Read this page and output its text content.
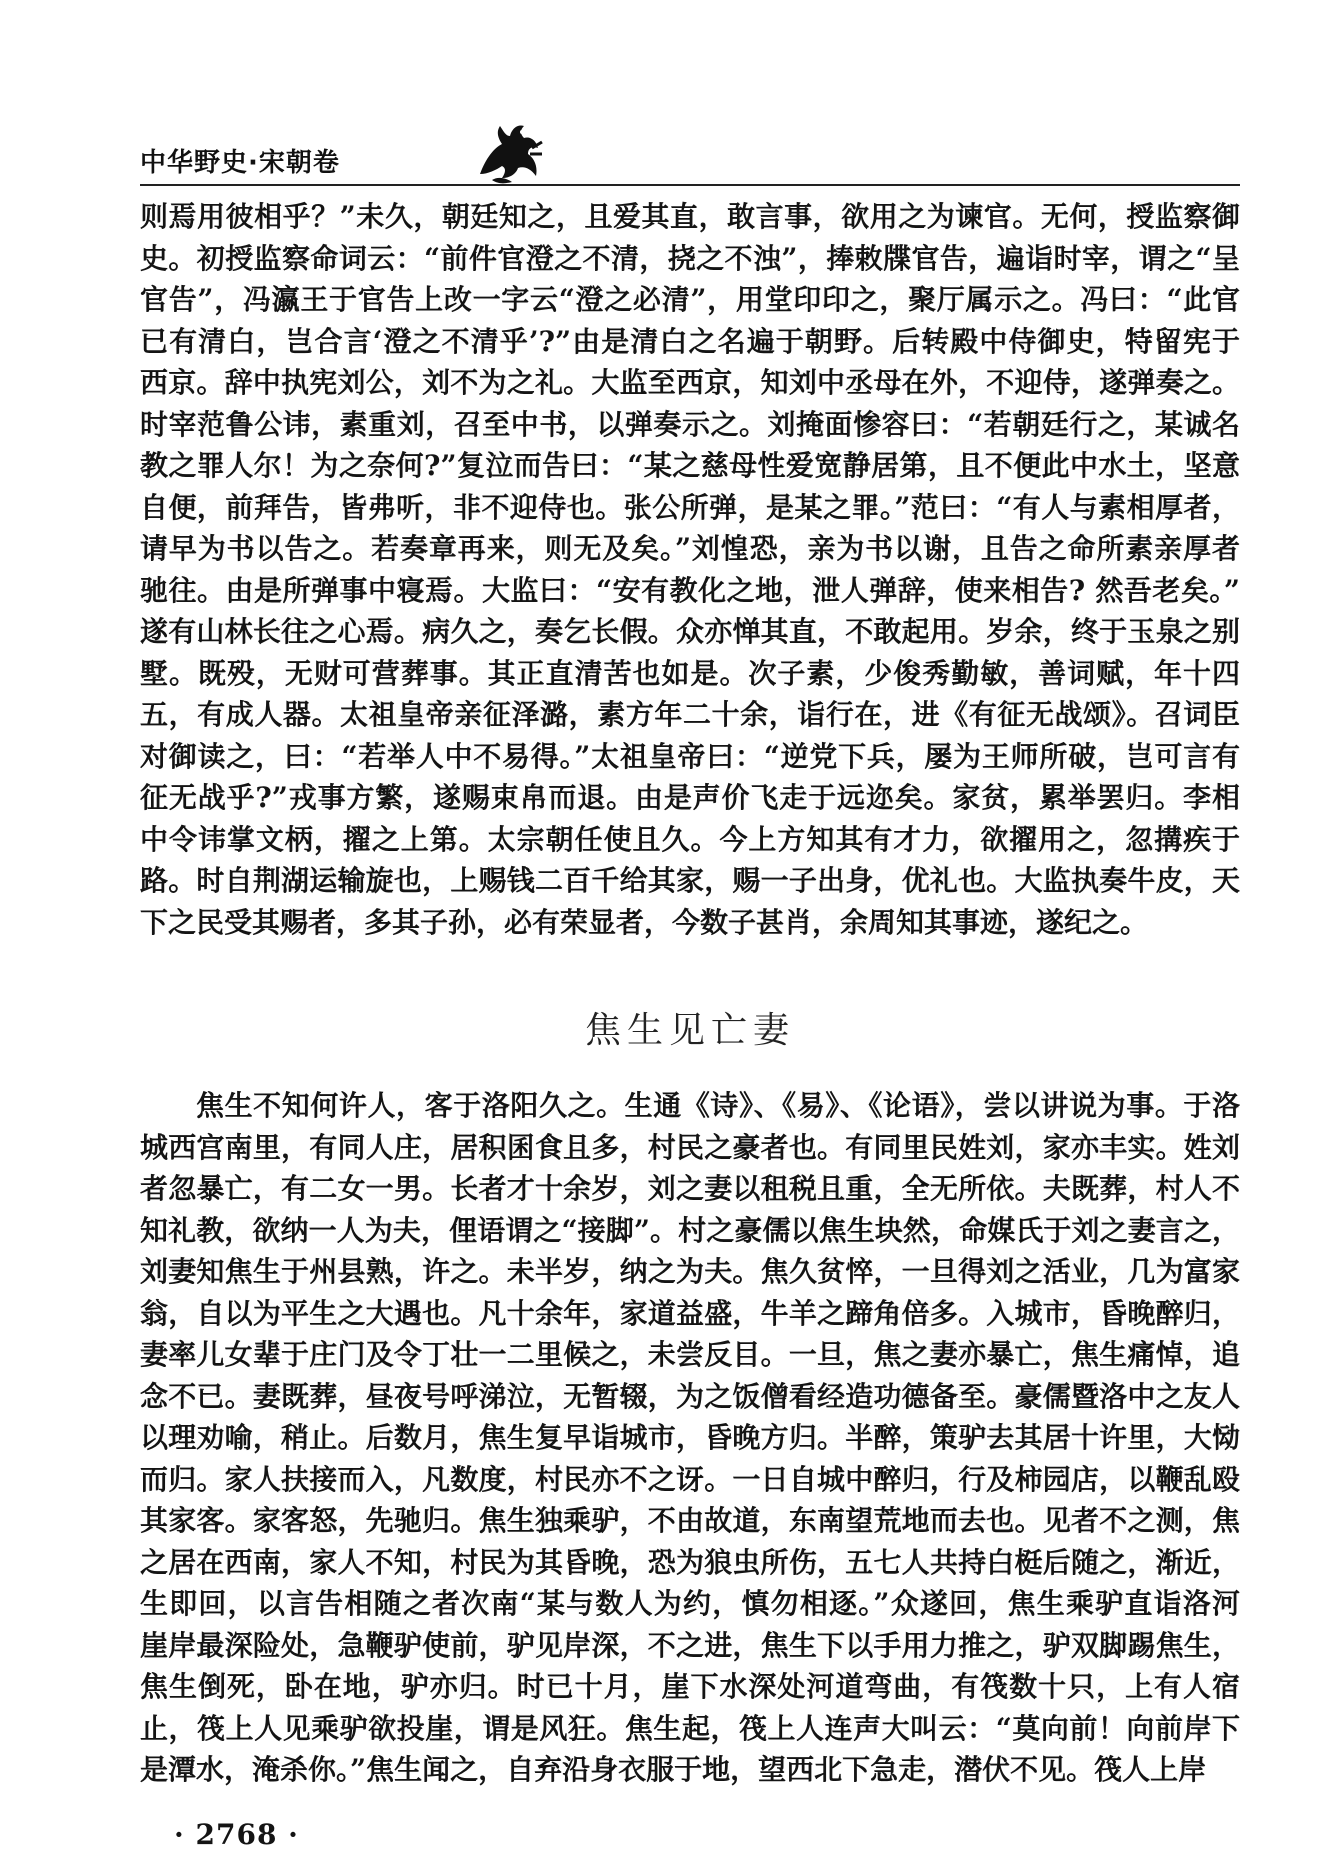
中华野史·宋朝卷
则焉用彼相乎？”未久，朝廷知之，且爱其直，敢言事，欲用之为谏官。无何，授监察御
史。初授监察命词云：“前件官澄之不清，挠之不浊”，捧敕牒官告，遍诣时宰，谓之“呈
官告”，冯瀛王于官告上改一字云“澄之必清”，用堂印印之，聚厅属示之。冯曰：“此官
已有清白，岂合言‘澄之不清乎’?”由是清白之名遍于朝野。后转殿中侍御史，特留宪于
西京。辞中执宪刘公，刘不为之礼。大监至西京，知刘中丞母在外，不迎侍，遂弹奏之。
时宰范鲁公讳，素重刘，召至中书，以弹奏示之。刘掩面惨容曰：“若朝廷行之，某诚名
教之罪人尔！为之奈何?”复泣而告曰：“某之慈母性爱宽静居第，且不便此中水土，坚意
自便，前拜告，皆弗听，非不迎侍也。张公所弹，是某之罪。”范曰：“有人与素相厚者，
请早为书以告之。若奏章再来，则无及矣。”刘惶恐，亲为书以谢，且告之命所素亲厚者
驰往。由是所弹事中寝焉。大监曰：“安有教化之地，泄人弹辞，使来相告? 然吾老矣。”
遂有山林长往之心焉。病久之，奏乞长假。众亦惮其直，不敢起用。岁余，终于玉泉之别
墅。既殁，无财可营葬事。其正直清苦也如是。次子素，少俊秀勤敏，善词赋，年十四
五，有成人器。太祖皇帝亲征泽潞，素方年二十余，诣行在，进《有征无战颂》。召词臣
对御读之，曰：“若举人中不易得。”太祖皇帝曰：“逆党下兵，屡为王师所破，岂可言有
征无战乎?”戎事方繁，遂赐束帛而退。由是声价飞走于远迩矣。家贫，累举罢归。李相
中令讳掌文柄，擢之上第。太宗朝任使且久。今上方知其有才力，欲擢用之，忽搆疾于
路。时自荆湖运输旋也，上赐钱二百千给其家，赐一子出身，优礼也。大监执奏牛皮，天
下之民受其赐者，多其子孙，必有荣显者，今数子甚肖，余周知其事迹，遂纪之。
焦生见亡妻
焦生不知何许人，客于洛阳久之。生通《诗》、《易》、《论语》，尝以讲说为事。于洛
城西宫南里，有同人庄，居积囷食且多，村民之豪者也。有同里民姓刘，家亦丰实。姓刘
者忽暴亡，有二女一男。长者才十余岁，刘之妻以租税且重，全无所依。夫既葬，村人不
知礼教，欲纳一人为夫，俚语谓之“接脚”。村之豪儒以焦生块然，命媒氏于刘之妻言之，
刘妻知焦生于州县熟，许之。未半岁，纳之为夫。焦久贫悴，一旦得刘之活业，几为富家
翁，自以为平生之大遇也。凡十余年，家道益盛，牛羊之蹄角倍多。入城市，昏晚醉归，
妻率儿女辈于庄门及令丁壮一二里候之，未尝反目。一旦，焦之妻亦暴亡，焦生痛悼，追
念不已。妻既葬，昼夜号呼涕泣，无暂辍，为之饭僧看经造功德备至。豪儒暨洛中之友人
以理劝喻，稍止。后数月，焦生复早诣城市，昏晚方归。半醉，策驴去其居十许里，大恸
而归。家人扶接而入，凡数度，村民亦不之讶。一日自城中醉归，行及柿园店，以鞭乱殴
其家客。家客怒，先驰归。焦生独乘驴，不由故道，东南望荒地而去也。见者不之测，焦
之居在西南，家人不知，村民为其昏晚，恐为狼虫所伤，五七人共持白梃后随之，渐近，
生即回，以言告相随之者次南“某与数人为约，慎勿相逐。”众遂回，焦生乘驴直诣洛河
崖岸最深险处，急鞭驴使前，驴见岸深，不之进，焦生下以手用力推之，驴双脚踢焦生，
焦生倒死，卧在地，驴亦归。时已十月，崖下水深处河道弯曲，有筏数十只，上有人宿
止，筏上人见乘驴欲投崖，谓是风狂。焦生起，筏上人连声大叫云：“莫向前！向前岸下
是潭水，淹杀你。”焦生闻之，自弃沿身衣服于地，望西北下急走，潜伏不见。筏人上岸
· 2768 ·
